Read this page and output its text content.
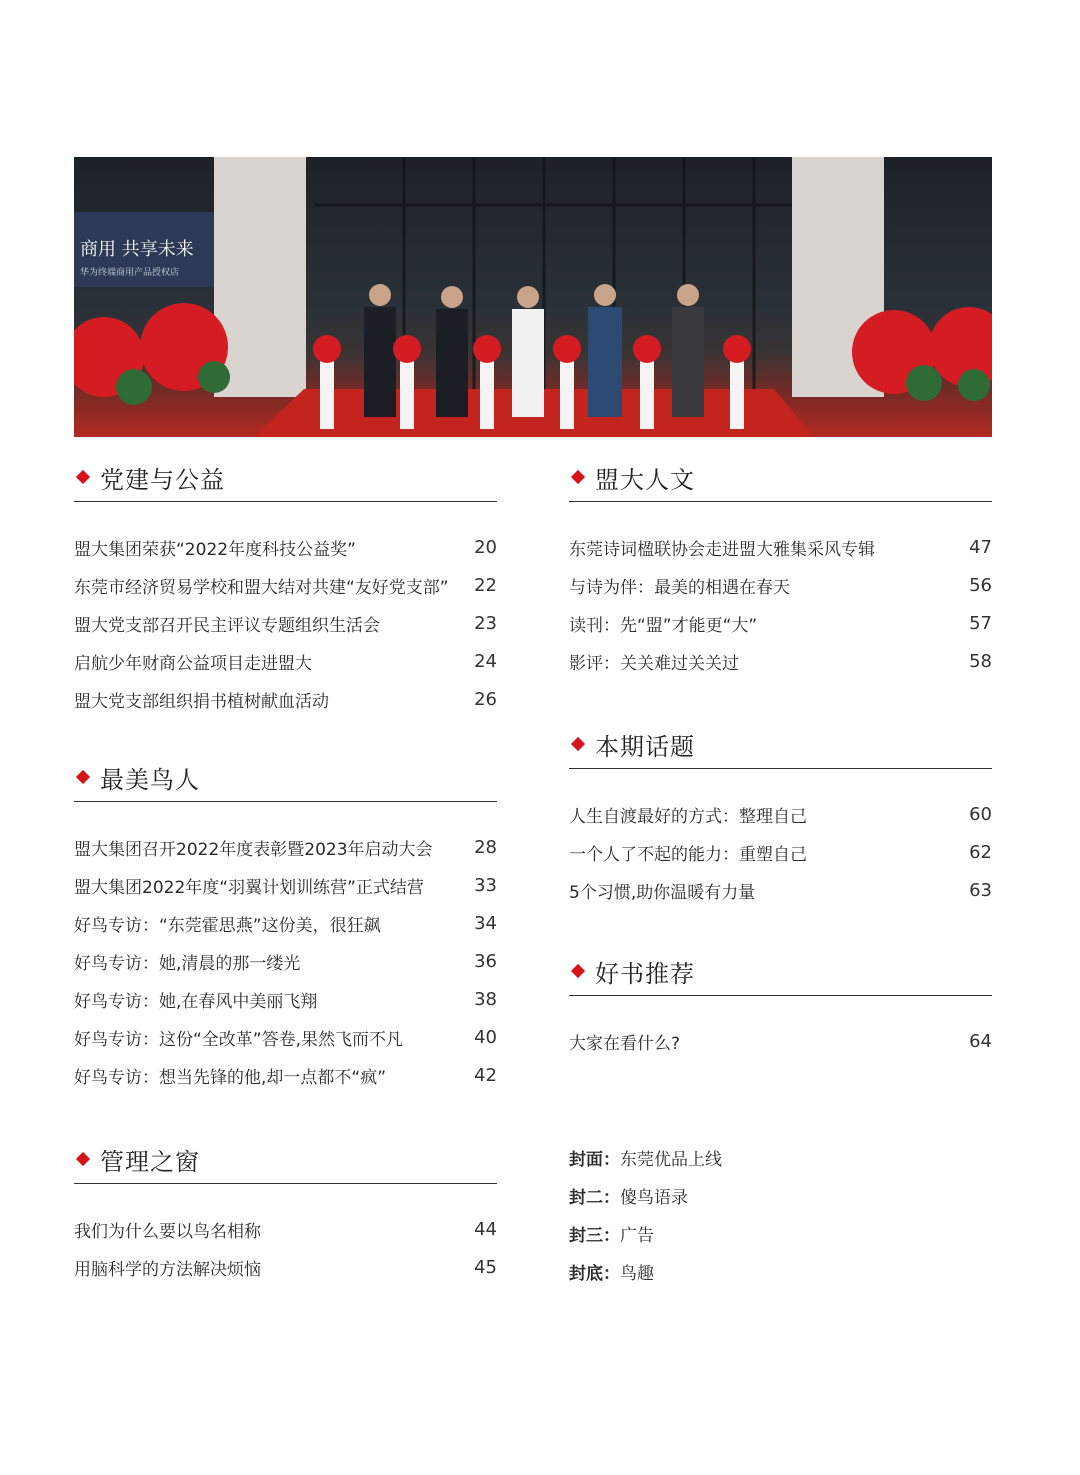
商用 共享未来
华为终端商用产品授权店
党建与公益
盟大集团荣获“2022年度科技公益奖”	20
东莞市经济贸易学校和盟大结对共建“友好党支部” 22
盟大党支部召开民主评议专题组织生活会	23
启航少年财商公益项目走进盟大	24
盟大党支部组织捐书植树献血活动	26
最美鸟人
盟大集团召开2022年度表彰暨2023年启动大会 28
盟大集团2022年度“羽翼计划训练营”正式结营	33
好鸟专访：“东莞霍思燕”这份美，很狂飙	34
好鸟专访：她,清晨的那一缕光	36
好鸟专访：她,在春风中美丽飞翔	38
好鸟专访：这份“全改革”答卷,果然飞而不凡	40
好鸟专访：想当先锋的他,却一点都不“疯”	42
管理之窗
我们为什么要以鸟名相称	44
用脑科学的方法解决烦恼	45
盟大人文
东莞诗词楹联协会走进盟大雅集采风专辑	47
与诗为伴：最美的相遇在春天	56
读刊：先“盟”才能更“大”	57
影评：关关难过关关过	58
本期话题
人生自渡最好的方式：整理自己	60
一个人了不起的能力：重塑自己	62
5个习惯,助你温暖有力量	63
好书推荐
大家在看什么?	64
封面： 东莞优品上线
封二： 傻鸟语录
封三： 广告
封底： 鸟趣
